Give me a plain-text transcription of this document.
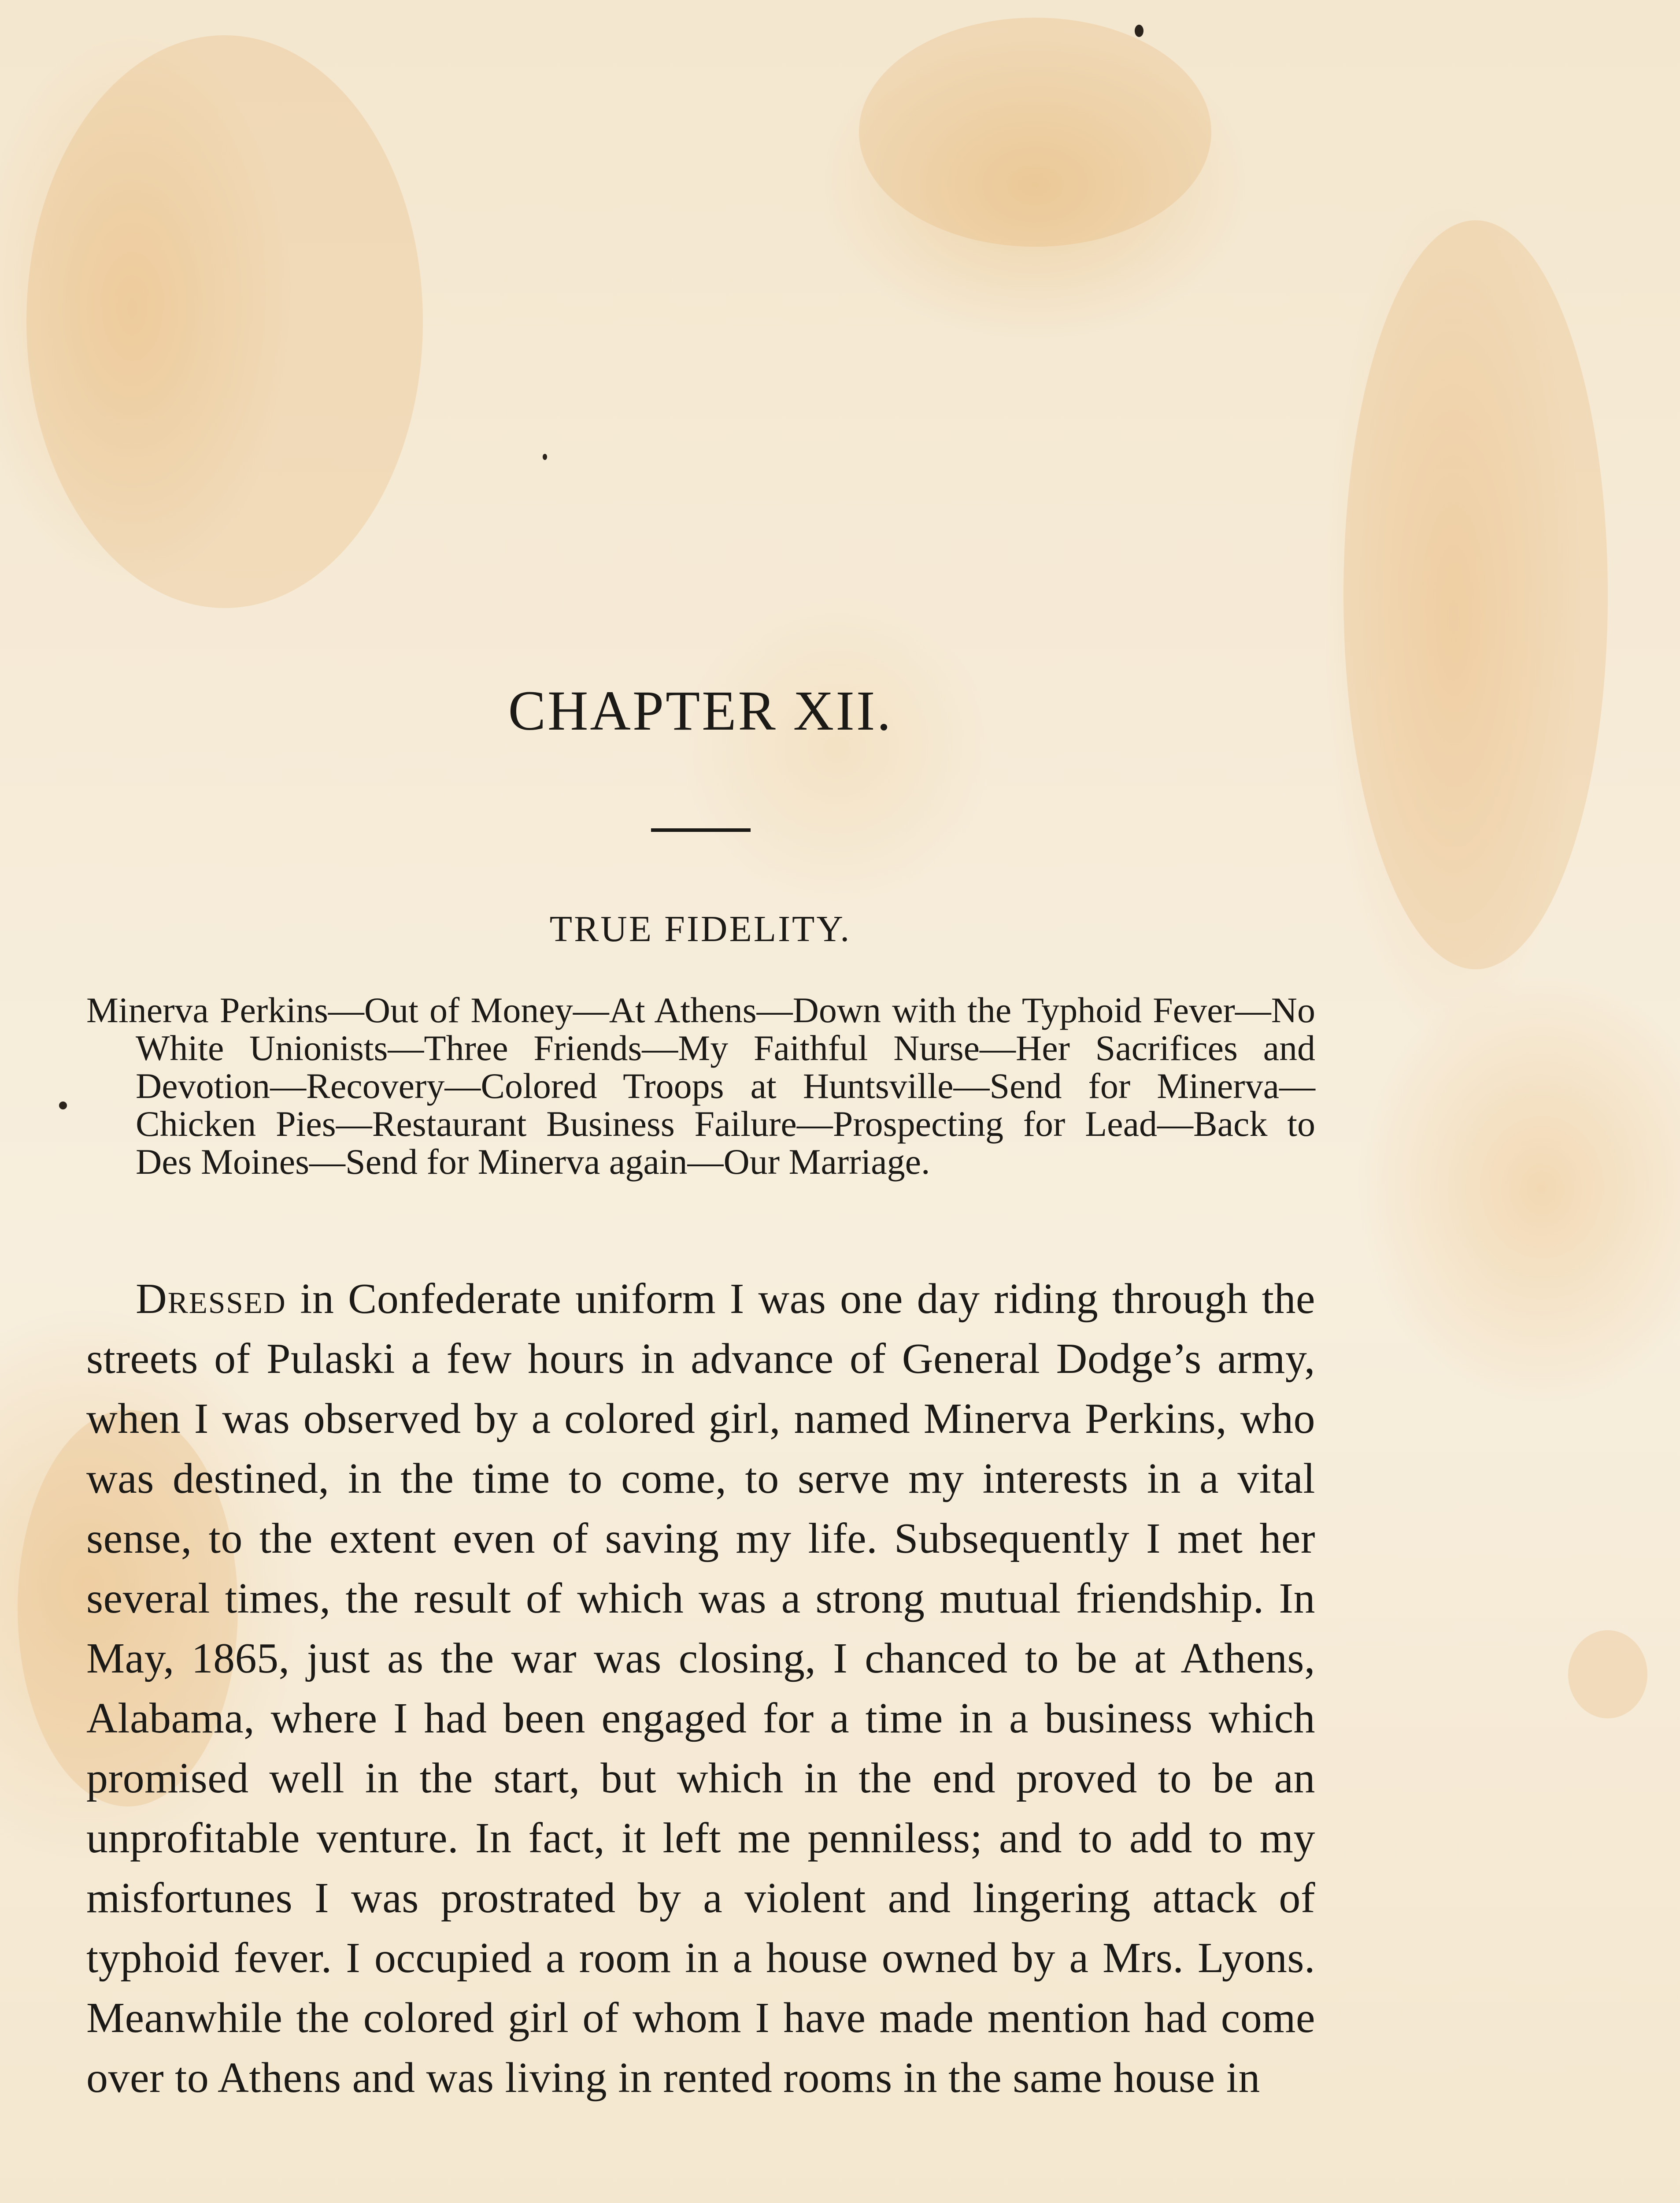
CHAPTER XII.
TRUE FIDELITY.

Minerva Perkins—Out of Money—At Athens—Down with the Typhoid Fever—No White Unionists—Three Friends—My Faithful Nurse—Her Sacrifices and Devotion—Recovery—Colored Troops at Huntsville—Send for Minerva—Chicken Pies—Restaurant Business Failure—Prospecting for Lead—Back to Des Moines—Send for Minerva again—Our Marriage.

Dressed in Confederate uniform I was one day riding through the streets of Pulaski a few hours in advance of General Dodge’s army, when I was observed by a colored girl, named Minerva Perkins, who was destined, in the time to come, to serve my interests in a vital sense, to the extent even of saving my life. Subsequently I met her several times, the result of which was a strong mutual friendship. In May, 1865, just as the war was closing, I chanced to be at Athens, Alabama, where I had been engaged for a time in a business which promised well in the start, but which in the end proved to be an unprofitable venture. In fact, it left me penniless; and to add to my misfortunes I was prostrated by a violent and lingering attack of typhoid fever. I occupied a room in a house owned by a Mrs. Lyons. Meanwhile the colored girl of whom I have made mention had come over to Athens and was living in rented rooms in the same house in
